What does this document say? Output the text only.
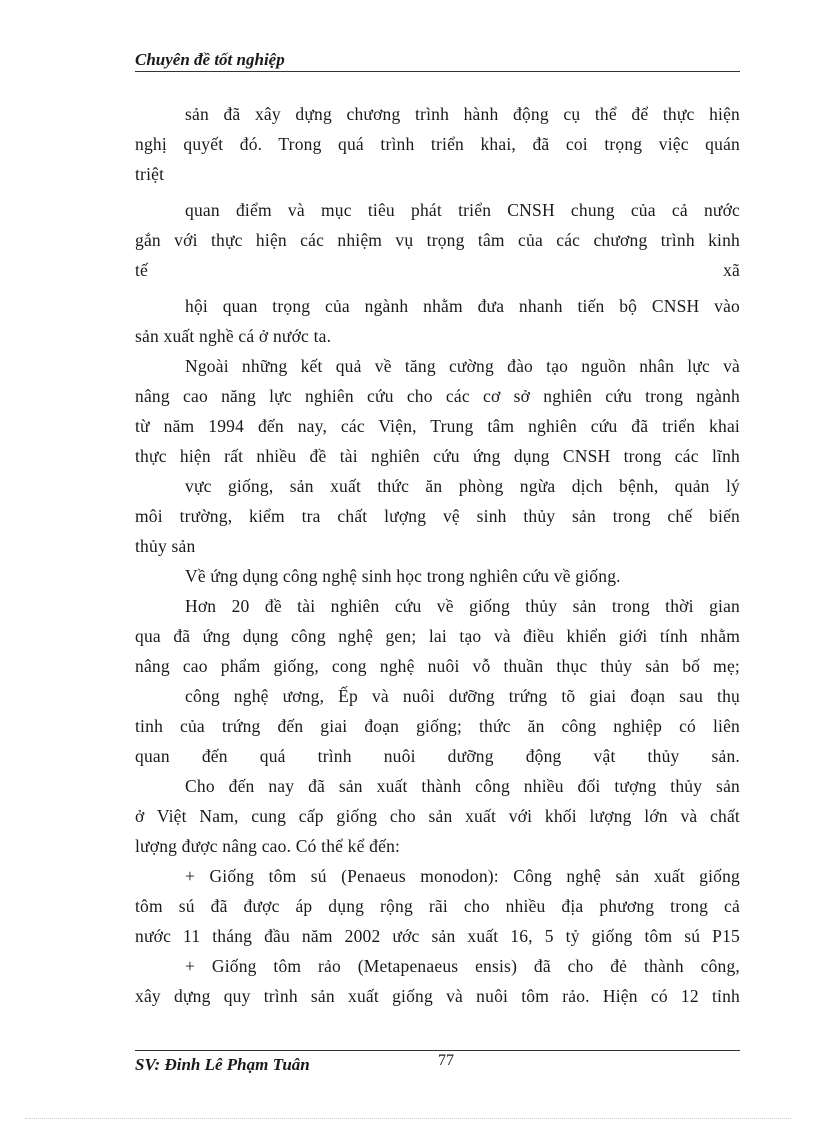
Chuyên đề tốt nghiệp
sản đã xây dựng chương trình hành động cụ thể để thực hiện
nghị quyết đó. Trong quá trình triển khai, đã coi trọng việc quán
triệt
quan điểm và mục tiêu phát triển CNSH chung của cả nước
gắn với thực hiện các nhiệm vụ trọng tâm của các chương trình kinh
tế	xã
hội quan trọng của ngành nhằm đưa nhanh tiến bộ CNSH vào
sản xuất nghề cá ở nước ta.
Ngoài những kết quả về tăng cường đào tạo nguồn nhân lực và
nâng cao năng lực nghiên cứu cho các cơ sở nghiên cứu trong ngành
từ năm 1994 đến nay, các Viện, Trung tâm nghiên cứu đã triển khai
thực hiện rất nhiều đề tài nghiên cứu ứng dụng CNSH trong các lĩnh
vực giống, sản xuất thức ăn phòng ngừa dịch bệnh, quản lý
môi trường, kiểm tra chất lượng vệ sinh thủy sản trong chế biến
thủy sản
Về ứng dụng công nghệ sinh học trong nghiên cứu về giống.
Hơn 20 đề tài nghiên cứu về giống thủy sản trong thời gian
qua đã ứng dụng công nghệ gen; lai tạo và điều khiển giới tính nhằm
nâng cao phẩm giống, cong nghệ nuôi vỗ thuần thục thủy sản bố mẹ;
công nghệ ương, Ếp và nuôi dưỡng trứng tõ giai đoạn sau thụ
tinh của trứng đến giai đoạn giống; thức ăn công nghiệp có liên
quan đến quá trình nuôi dưỡng động vật thủy sản.
Cho đến nay đã sản xuất thành công nhiều đối tượng thủy sản
ở Việt Nam, cung cấp giống cho sản xuất với khối lượng lớn và chất
lượng được nâng cao. Có thể kể đến:
+ Giống tôm sú (Penaeus monodon): Công nghệ sản xuất giống
tôm sú đã được áp dụng rộng rãi cho nhiều địa phương trong cả
nước 11 tháng đầu năm 2002 ước sản xuất 16, 5 tỷ giống tôm sú P15
+ Giống tôm rảo (Metapenaeus ensis) đã cho đẻ thành công,
xây dựng quy trình sản xuất giống và nuôi tôm rảo. Hiện có 12 tỉnh
SV: Đinh Lê Phạm Tuân	77
